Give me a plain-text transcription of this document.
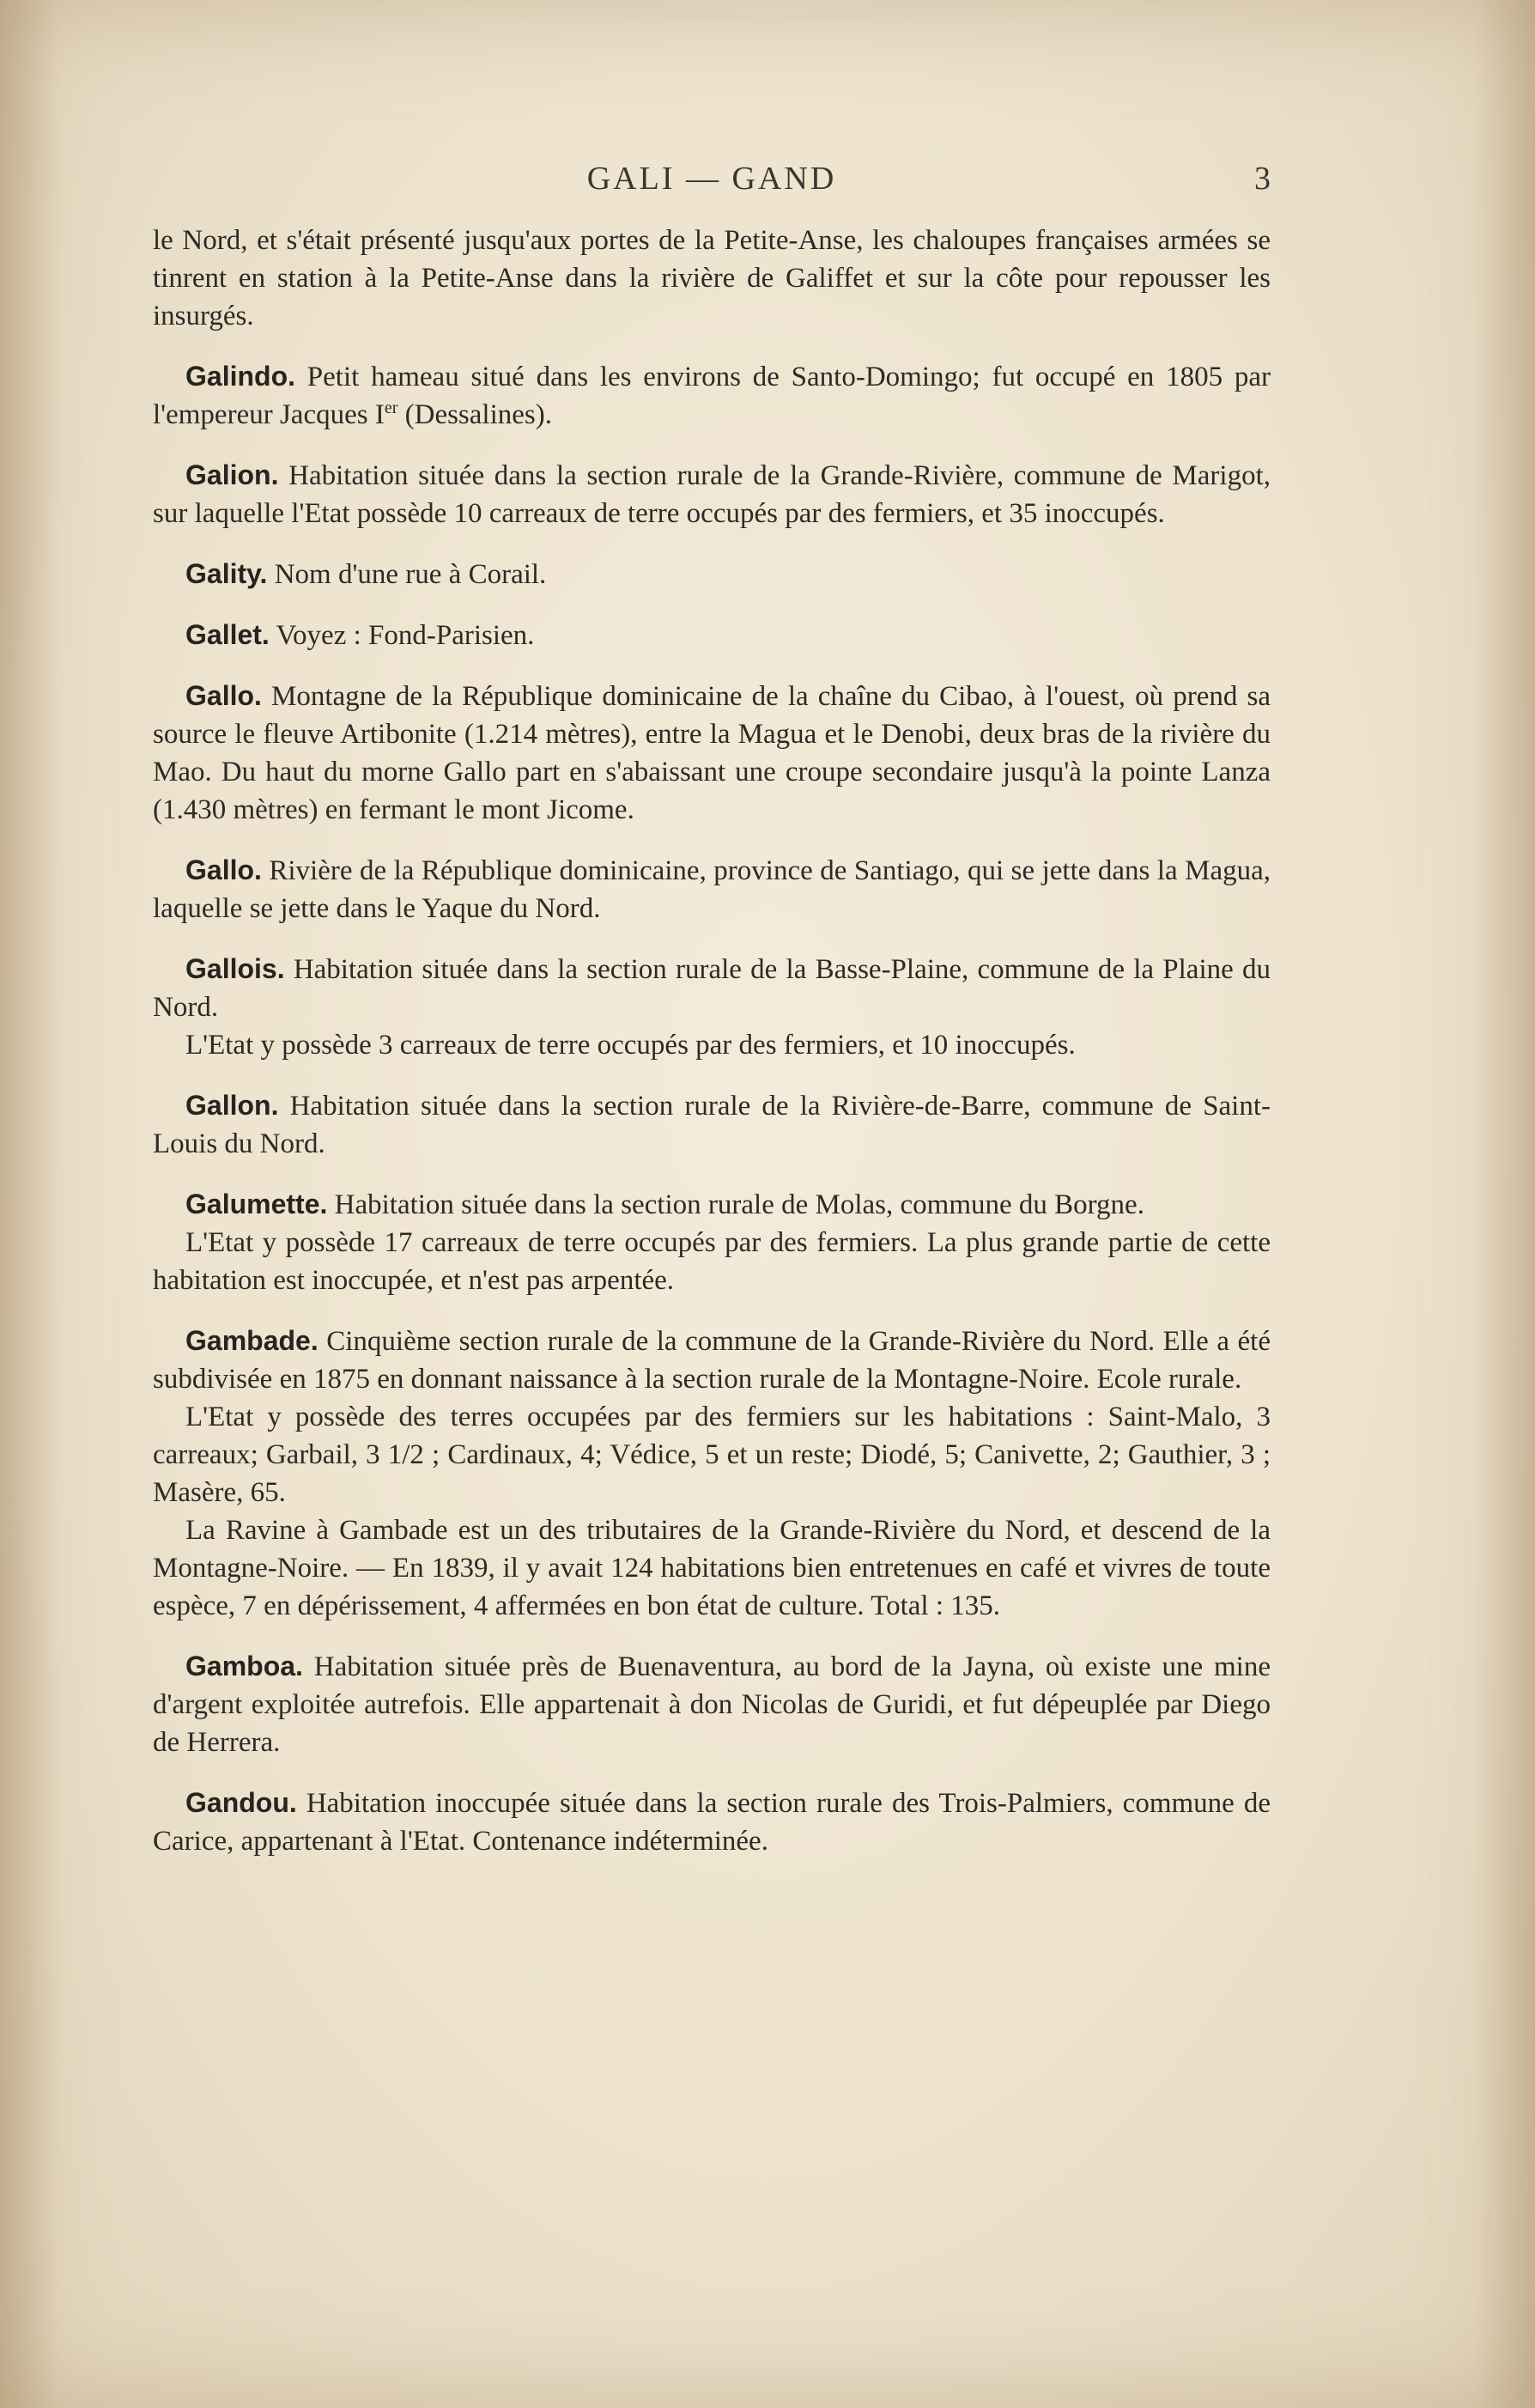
GALI — GAND	3

le Nord, et s'était présenté jusqu'aux portes de la Petite-Anse, les chaloupes françaises armées se tinrent en station à la Petite-Anse dans la rivière de Galiffet et sur la côte pour repousser les insurgés.

Galindo. Petit hameau situé dans les environs de Santo-Domingo; fut occupé en 1805 par l'empereur Jacques Ier (Dessalines).

Galion. Habitation située dans la section rurale de la Grande-Rivière, commune de Marigot, sur laquelle l'Etat possède 10 carreaux de terre occupés par des fermiers, et 35 inoccupés.

Gality. Nom d'une rue à Corail.

Gallet. Voyez : Fond-Parisien.

Gallo. Montagne de la République dominicaine de la chaîne du Cibao, à l'ouest, où prend sa source le fleuve Artibonite (1.214 mètres), entre la Magua et le Denobi, deux bras de la rivière du Mao. Du haut du morne Gallo part en s'abaissant une croupe secondaire jusqu'à la pointe Lanza (1.430 mètres) en fermant le mont Jicome.

Gallo. Rivière de la République dominicaine, province de Santiago, qui se jette dans la Magua, laquelle se jette dans le Yaque du Nord.

Gallois. Habitation située dans la section rurale de la Basse-Plaine, commune de la Plaine du Nord.

L'Etat y possède 3 carreaux de terre occupés par des fermiers, et 10 inoccupés.

Gallon. Habitation située dans la section rurale de la Rivière-de-Barre, commune de Saint-Louis du Nord.

Galumette. Habitation située dans la section rurale de Molas, commune du Borgne.

L'Etat y possède 17 carreaux de terre occupés par des fermiers. La plus grande partie de cette habitation est inoccupée, et n'est pas arpentée.

Gambade. Cinquième section rurale de la commune de la Grande-Rivière du Nord. Elle a été subdivisée en 1875 en donnant naissance à la section rurale de la Montagne-Noire. Ecole rurale.

L'Etat y possède des terres occupées par des fermiers sur les habitations : Saint-Malo, 3 carreaux; Garbail, 3 1/2 ; Cardinaux, 4; Védice, 5 et un reste; Diodé, 5; Canivette, 2; Gauthier, 3 ; Masère, 65.

La Ravine à Gambade est un des tributaires de la Grande-Rivière du Nord, et descend de la Montagne-Noire. — En 1839, il y avait 124 habitations bien entretenues en café et vivres de toute espèce, 7 en dépérissement, 4 affermées en bon état de culture. Total : 135.

Gamboa. Habitation située près de Buenaventura, au bord de la Jayna, où existe une mine d'argent exploitée autrefois. Elle appartenait à don Nicolas de Guridi, et fut dépeuplée par Diego de Herrera.

Gandou. Habitation inoccupée située dans la section rurale des Trois-Palmiers, commune de Carice, appartenant à l'Etat. Contenance indéterminée.
